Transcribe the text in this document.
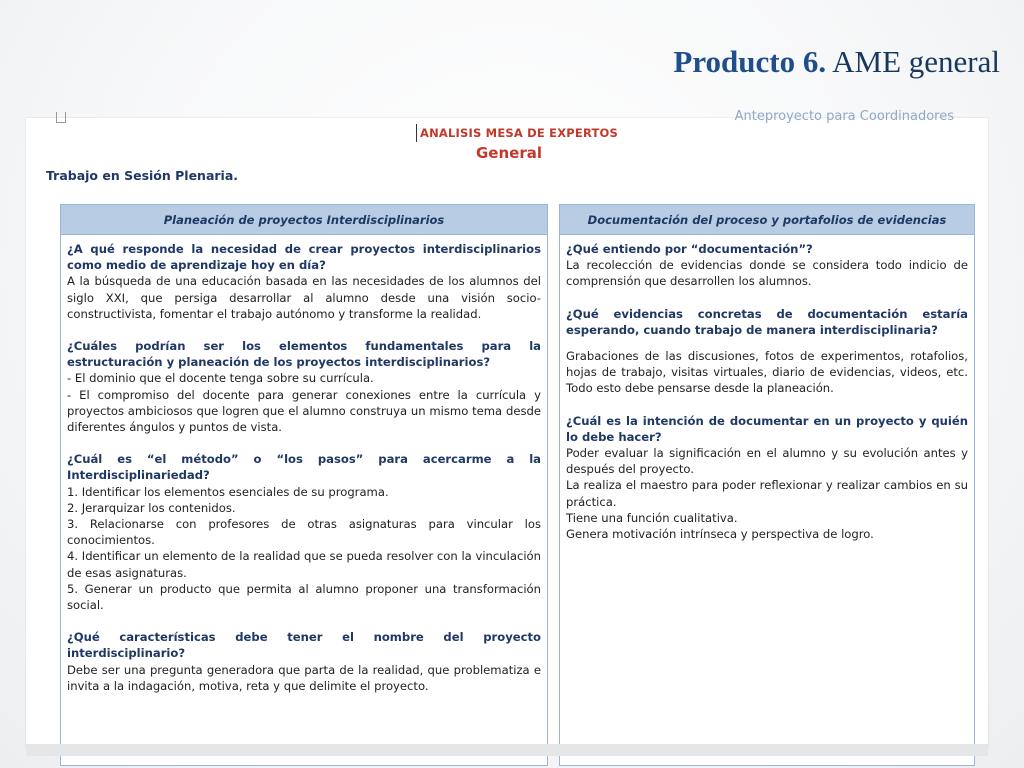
Producto 6. AME general
Anteproyecto para Coordinadores
ANALISIS MESA DE EXPERTOS
General
Trabajo en Sesión Plenaria.
Planeación de proyectos Interdisciplinarios

¿A qué responde la necesidad de crear proyectos interdisciplinarios como medio de aprendizaje hoy en día?

A la búsqueda de una educación basada en las necesidades de los alumnos del siglo XXI, que persiga desarrollar al alumno desde una visión socio-constructivista, fomentar el trabajo autónomo y transforme la realidad.

¿Cuáles podrían ser los elementos fundamentales para la estructuración y planeación de los proyectos interdisciplinarios?

- El dominio que el docente tenga sobre su currícula.

- El compromiso del docente para generar conexiones entre la currícula y proyectos ambiciosos que logren que el alumno construya un mismo tema desde diferentes ángulos y puntos de vista.

¿Cuál es “el método” o “los pasos” para acercarme a la Interdisciplinariedad?

1. Identificar los elementos esenciales de su programa.

2. Jerarquizar los contenidos.

3. Relacionarse con profesores de otras asignaturas para vincular los conocimientos.

4. Identificar un elemento de la realidad que se pueda resolver con la vinculación de esas asignaturas.

5. Generar un producto que permita al alumno proponer una transformación social.

¿Qué características debe tener el nombre del proyecto interdisciplinario?

Debe ser una pregunta generadora que parta de la realidad, que problematiza e invita a la indagación, motiva, reta y que delimite el proyecto.

Documentación del proceso y portafolios de evidencias

¿Qué entiendo por “documentación”?

La recolección de evidencias donde se considera todo indicio de comprensión que desarrollen los alumnos.

¿Qué evidencias concretas de documentación estaría esperando, cuando trabajo de manera interdisciplinaria?

Grabaciones de las discusiones, fotos de experimentos, rotafolios, hojas de trabajo, visitas virtuales, diario de evidencias, videos, etc. Todo esto debe pensarse desde la planeación.

¿Cuál es la intención de documentar en un proyecto y quién lo debe hacer?

Poder evaluar la significación en el alumno y su evolución antes y después del proyecto.

La realiza el maestro para poder reflexionar y realizar cambios en su práctica.

Tiene una función cualitativa.

Genera motivación intrínseca y perspectiva de logro.
